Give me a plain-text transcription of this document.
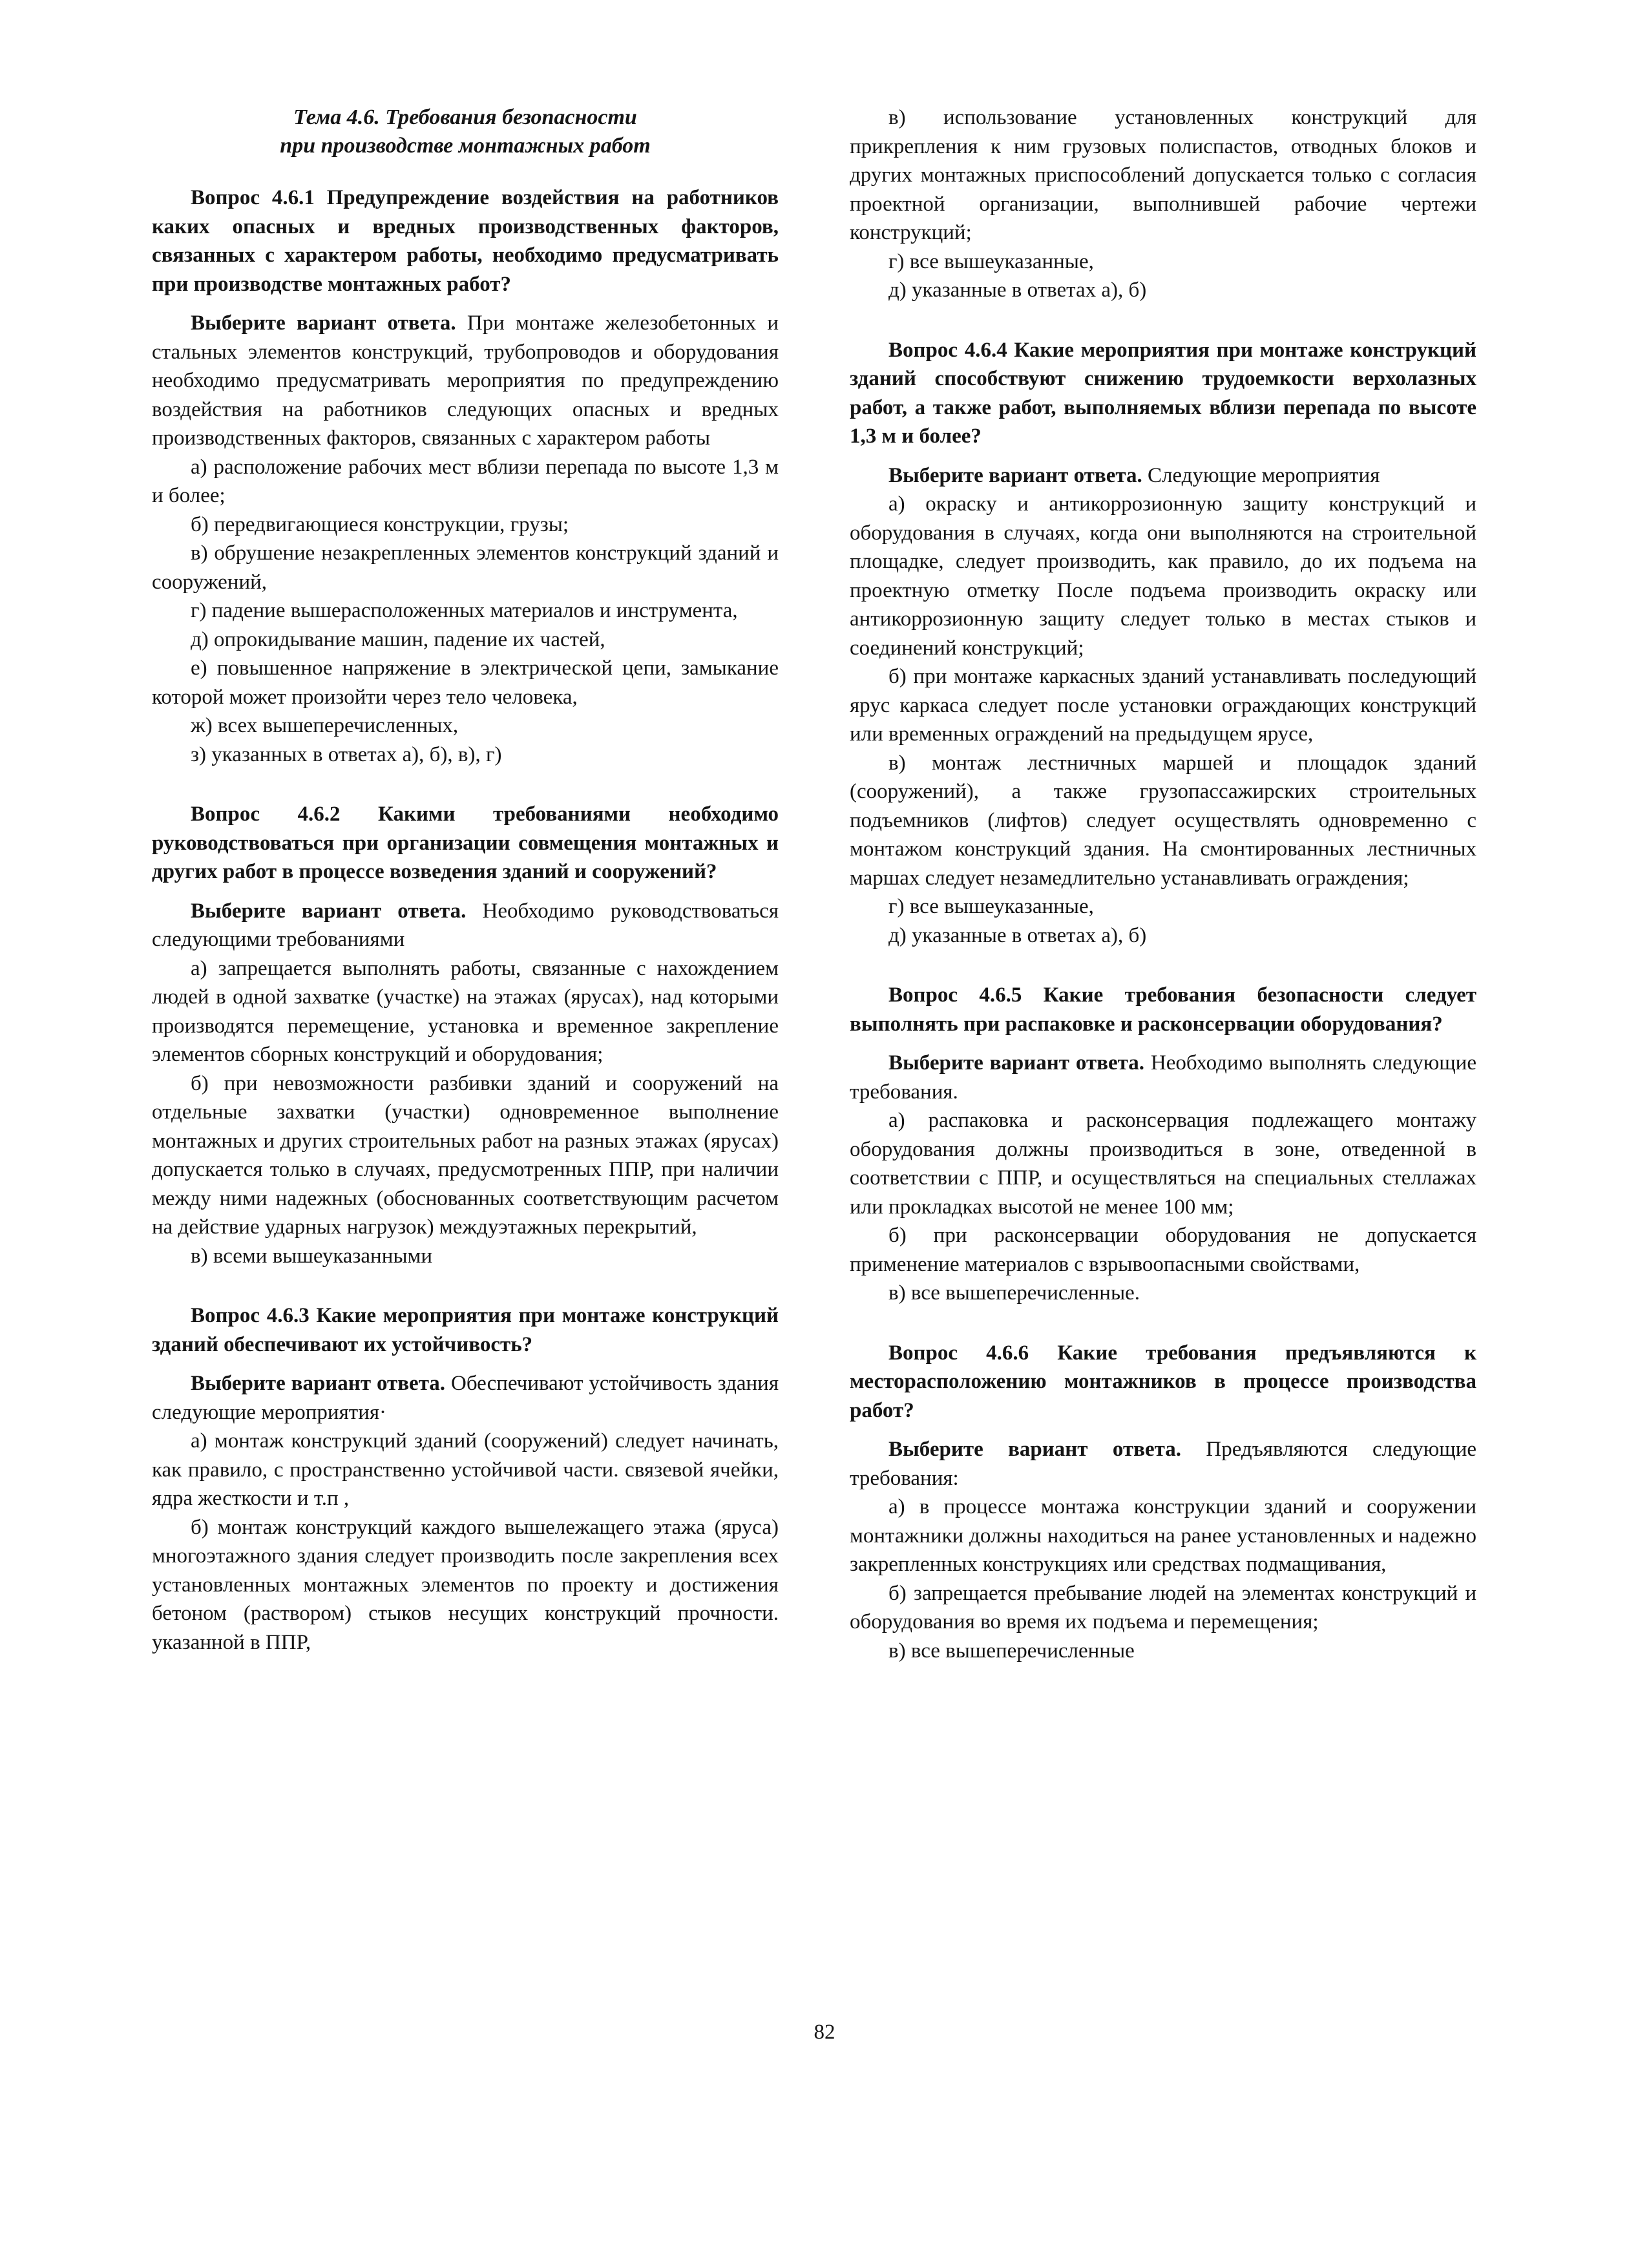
Тема 4.6. Требования безопасности
при производстве монтажных работ

Вопрос 4.6.1 Предупреждение воздействия на работников каких опасных и вредных производственных факторов, связанных с характером работы, необходимо предусматривать при производстве монтажных работ?

Выберите вариант ответа. При монтаже железобетонных и стальных элементов конструкций, трубопроводов и оборудования необходимо предусматривать мероприятия по предупреждению воздействия на работников следующих опасных и вредных производственных факторов, связанных с характером работы

а) расположение рабочих мест вблизи перепада по высоте 1,3 м и более;

б) передвигающиеся конструкции, грузы;

в) обрушение незакрепленных элементов конструкций зданий и сооружений,

г) падение вышерасположенных материалов и инструмента,

д) опрокидывание машин, падение их частей,

е) повышенное напряжение в электрической цепи, замыкание которой может произойти через тело человека,

ж) всех вышеперечисленных,

з) указанных в ответах а), б), в), г)

Вопрос 4.6.2 Какими требованиями необходимо руководствоваться при организации совмещения монтажных и других работ в процессе возведения зданий и сооружений?

Выберите вариант ответа. Необходимо руководствоваться следующими требованиями

а) запрещается выполнять работы, связанные с нахождением людей в одной захватке (участке) на этажах (ярусах), над которыми производятся перемещение, установка и временное закрепление элементов сборных конструкций и оборудования;

б) при невозможности разбивки зданий и сооружений на отдельные захватки (участки) одновременное выполнение монтажных и других строительных работ на разных этажах (ярусах) допускается только в случаях, предусмотренных ППР, при наличии между ними надежных (обоснованных соответствующим расчетом на действие ударных нагрузок) междуэтажных перекрытий,

в) всеми вышеуказанными

Вопрос 4.6.3 Какие мероприятия при монтаже конструкций зданий обеспечивают их устойчивость?

Выберите вариант ответа. Обеспечивают устойчивость здания следующие мероприятия·

а) монтаж конструкций зданий (сооружений) следует начинать, как правило, с пространственно устойчивой части. связевой ячейки, ядра жесткости и т.п ,

б) монтаж конструкций каждого вышележащего этажа (яруса) многоэтажного здания следует производить после закрепления всех установленных монтажных элементов по проекту и достижения бетоном (раствором) стыков несущих конструкций прочности. указанной в ППР,

в) использование установленных конструкций для прикрепления к ним грузовых полиспастов, отводных блоков и других монтажных приспособлений допускается только с согласия проектной организации, выполнившей рабочие чертежи конструкций;

г) все вышеуказанные,

д) указанные в ответах а), б)

Вопрос 4.6.4 Какие мероприятия при монтаже конструкций зданий способствуют снижению трудоемкости верхолазных работ, а также работ, выполняемых вблизи перепада по высоте 1,3 м и более?

Выберите вариант ответа. Следующие мероприятия

а) окраску и антикоррозионную защиту конструкций и оборудования в случаях, когда они выполняются на строительной площадке, следует производить, как правило, до их подъема на проектную отметку После подъема производить окраску или антикоррозионную защиту следует только в местах стыков и соединений конструкций;

б) при монтаже каркасных зданий устанавливать последующий ярус каркаса следует после установки ограждающих конструкций или временных ограждений на предыдущем ярусе,

в) монтаж лестничных маршей и площадок зданий (сооружений), а также грузопассажирских строительных подъемников (лифтов) следует осуществлять одновременно с монтажом конструкций здания. На смонтированных лестничных маршах следует незамедлительно устанавливать ограждения;

г) все вышеуказанные,

д) указанные в ответах а), б)

Вопрос 4.6.5 Какие требования безопасности следует выполнять при распаковке и расконсервации оборудования?

Выберите вариант ответа. Необходимо выполнять следующие требования.

а) распаковка и расконсервация подлежащего монтажу оборудования должны производиться в зоне, отведенной в соответствии с ППР, и осуществляться на специальных стеллажах или прокладках высотой не менее 100 мм;

б) при расконсервации оборудования не допускается применение материалов с взрывоопасными свойствами,

в) все вышеперечисленные.

Вопрос 4.6.6 Какие требования предъявляются к месторасположению монтажников в процессе производства работ?

Выберите вариант ответа. Предъявляются следующие требования:

а) в процессе монтажа конструкции зданий и сооружении монтажники должны находиться на ранее установленных и надежно закрепленных конструкциях или средствах подмащивания,

б) запрещается пребывание людей на элементах конструкций и оборудования во время их подъема и перемещения;

в) все вышеперечисленные

82
